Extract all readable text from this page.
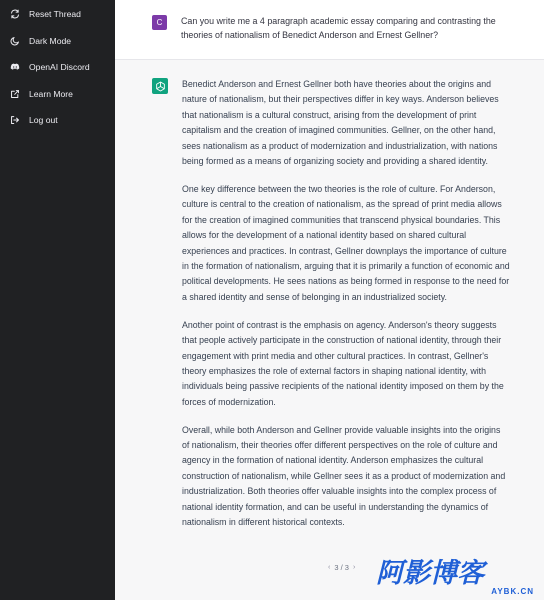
Reset Thread
Dark Mode
OpenAI Discord
Learn More
Log out
C	Can you write me a 4 paragraph academic essay comparing and contrasting the theories of nationalism of Benedict Anderson and Ernest Gellner?

Benedict Anderson and Ernest Gellner both have theories about the origins and nature of nationalism, but their perspectives differ in key ways. Anderson believes that nationalism is a cultural construct, arising from the development of print capitalism and the creation of imagined communities. Gellner, on the other hand, sees nationalism as a product of modernization and industrialization, with nations being formed as a means of organizing society and providing a shared identity.

One key difference between the two theories is the role of culture. For Anderson, culture is central to the creation of nationalism, as the spread of print media allows for the creation of imagined communities that transcend physical boundaries. This allows for the development of a national identity based on shared cultural experiences and practices. In contrast, Gellner downplays the importance of culture in the formation of nationalism, arguing that it is primarily a function of economic and political developments. He sees nations as being formed in response to the need for a shared identity and sense of belonging in an industrialized society.

Another point of contrast is the emphasis on agency. Anderson's theory suggests that people actively participate in the construction of national identity, through their engagement with print media and other cultural practices. In contrast, Gellner's theory emphasizes the role of external factors in shaping national identity, with individuals being passive recipients of the national identity imposed on them by the forces of modernization.

Overall, while both Anderson and Gellner provide valuable insights into the origins of nationalism, their theories offer different perspectives on the role of culture and agency in the formation of national identity. Anderson emphasizes the cultural construction of nationalism, while Gellner sees it as a product of modernization and industrialization. Both theories offer valuable insights into the complex process of national identity formation, and can be useful in understanding the dynamics of nationalism in different historical contexts.

‹ 3 / 3 › 阿影博客
AYBK.CN
